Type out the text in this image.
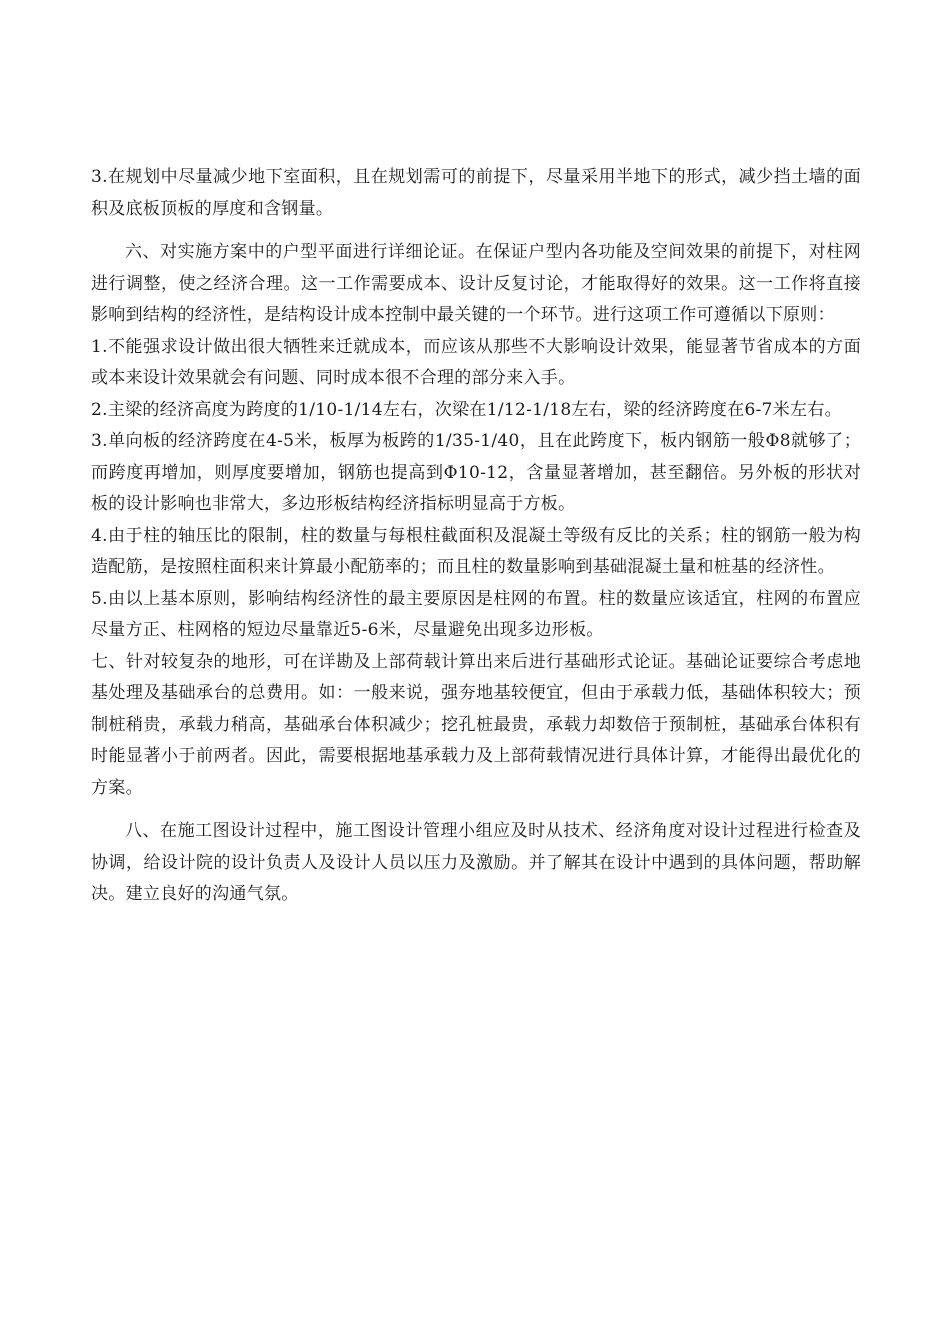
3.在规划中尽量减少地下室面积，且在规划需可的前提下，尽量采用半地下的形式，减少挡土墙的面积及底板顶板的厚度和含钢量。

六、对实施方案中的户型平面进行详细论证。在保证户型内各功能及空间效果的前提下，对柱网进行调整，使之经济合理。这一工作需要成本、设计反复讨论，才能取得好的效果。这一工作将直接影响到结构的经济性，是结构设计成本控制中最关键的一个环节。进行这项工作可遵循以下原则：

1.不能强求设计做出很大牺牲来迁就成本，而应该从那些不大影响设计效果，能显著节省成本的方面或本来设计效果就会有问题、同时成本很不合理的部分来入手。

2.主梁的经济高度为跨度的1/10-1/14左右，次梁在1/12-1/18左右，梁的经济跨度在6-7米左右。

3.单向板的经济跨度在4-5米，板厚为板跨的1/35-1/40，且在此跨度下，板内钢筋一般Φ8就够了；而跨度再增加，则厚度要增加，钢筋也提高到Φ10-12，含量显著增加，甚至翻倍。另外板的形状对板的设计影响也非常大，多边形板结构经济指标明显高于方板。

4.由于柱的轴压比的限制，柱的数量与每根柱截面积及混凝土等级有反比的关系；柱的钢筋一般为构造配筋，是按照柱面积来计算最小配筋率的；而且柱的数量影响到基础混凝土量和桩基的经济性。

5.由以上基本原则，影响结构经济性的最主要原因是柱网的布置。柱的数量应该适宜，柱网的布置应尽量方正、柱网格的短边尽量靠近5-6米，尽量避免出现多边形板。

七、针对较复杂的地形，可在详勘及上部荷载计算出来后进行基础形式论证。基础论证要综合考虑地基处理及基础承台的总费用。如：一般来说，强夯地基较便宜，但由于承载力低，基础体积较大；预制桩稍贵，承载力稍高，基础承台体积减少；挖孔桩最贵，承载力却数倍于预制桩，基础承台体积有时能显著小于前两者。因此，需要根据地基承载力及上部荷载情况进行具体计算，才能得出最优化的方案。

八、在施工图设计过程中，施工图设计管理小组应及时从技术、经济角度对设计过程进行检查及协调，给设计院的设计负责人及设计人员以压力及激励。并了解其在设计中遇到的具体问题，帮助解决。建立良好的沟通气氛。
